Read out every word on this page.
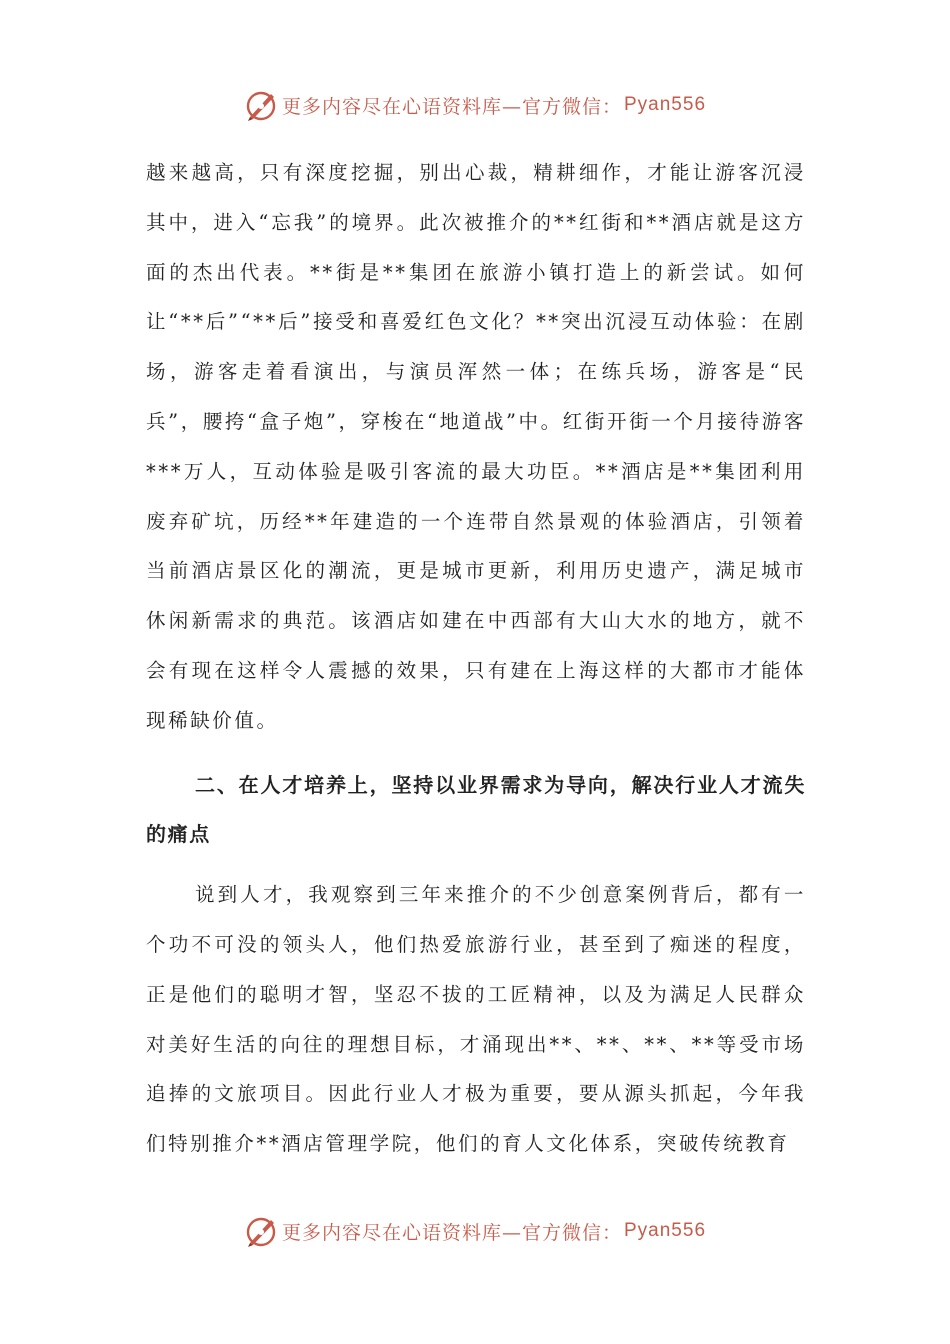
更多内容尽在心语资料库—官方微信： Pyan556

越来越高，只有深度挖掘，别出心裁，精耕细作，才能让游客沉浸其中，进入“忘我”的境界。此次被推介的**红街和**酒店就是这方面的杰出代表。**街是**集团在旅游小镇打造上的新尝试。如何让“**后”“**后”接受和喜爱红色文化？**突出沉浸互动体验：在剧场，游客走着看演出，与演员浑然一体；在练兵场，游客是“民兵”，腰挎“盒子炮”，穿梭在“地道战”中。红街开街一个月接待游客***万人，互动体验是吸引客流的最大功臣。**酒店是**集团利用废弃矿坑，历经**年建造的一个连带自然景观的体验酒店，引领着当前酒店景区化的潮流，更是城市更新，利用历史遗产，满足城市休闲新需求的典范。该酒店如建在中西部有大山大水的地方，就不会有现在这样令人震撼的效果，只有建在上海这样的大都市才能体现稀缺价值。

二、在人才培养上，坚持以业界需求为导向，解决行业人才流失的痛点

说到人才，我观察到三年来推介的不少创意案例背后，都有一个功不可没的领头人，他们热爱旅游行业，甚至到了痴迷的程度，正是他们的聪明才智，坚忍不拔的工匠精神，以及为满足人民群众对美好生活的向往的理想目标，才涌现出**、**、**、**等受市场追捧的文旅项目。因此行业人才极为重要，要从源头抓起，今年我们特别推介**酒店管理学院，他们的育人文化体系，突破传统教育

更多内容尽在心语资料库—官方微信： Pyan556
